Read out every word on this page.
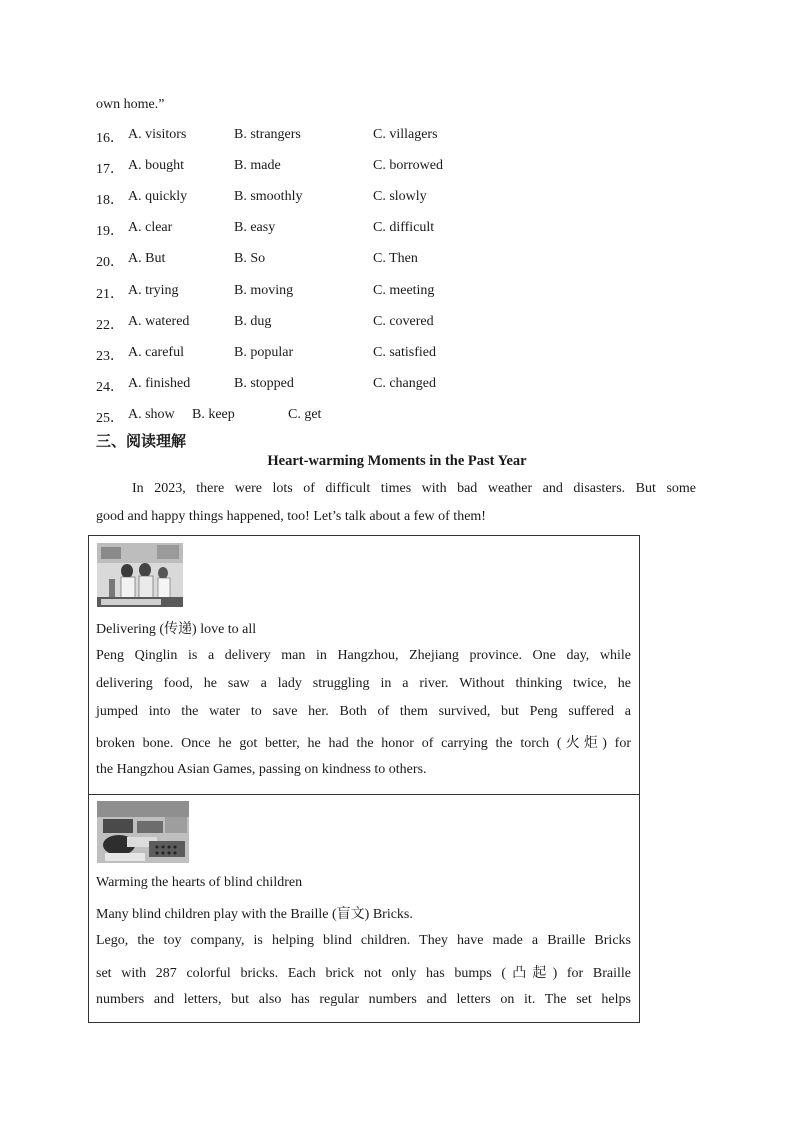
own home.”
16． A. visitors	B. strangers	C. villagers
17． A. bought	B. made	C. borrowed
18． A. quickly	B. smoothly	C. slowly
19． A. clear	B. easy	C. difficult
20． A. But	B. So	C. Then
21． A. trying	B. moving	C. meeting
22． A. watered	B. dug	C. covered
23． A. careful	B. popular	C. satisfied
24． A. finished	B. stopped	C. changed
25． A. show B. keep	C. get
三、阅读理解
Heart-warming Moments in the Past Year
In 2023, there were lots of difficult times with bad weather and disasters. But some
good and happy things happened, too! Let’s talk about a few of them!
Delivering (传递) love to all
Peng Qinglin is a delivery man in Hangzhou, Zhejiang province. One day, while
delivering food, he saw a lady struggling in a river. Without thinking twice, he
jumped into the water to save her. Both of them survived, but Peng suffered a
broken bone. Once he got better, he had the honor of carrying the torch (火炬) for
the Hangzhou Asian Games, passing on kindness to others.
Warming the hearts of blind children
Many blind children play with the Braille (盲文) Bricks.
Lego, the toy company, is helping blind children. They have made a Braille Bricks
set with 287 colorful bricks. Each brick not only has bumps (凸起) for Braille
numbers and letters, but also has regular numbers and letters on it. The set helps
